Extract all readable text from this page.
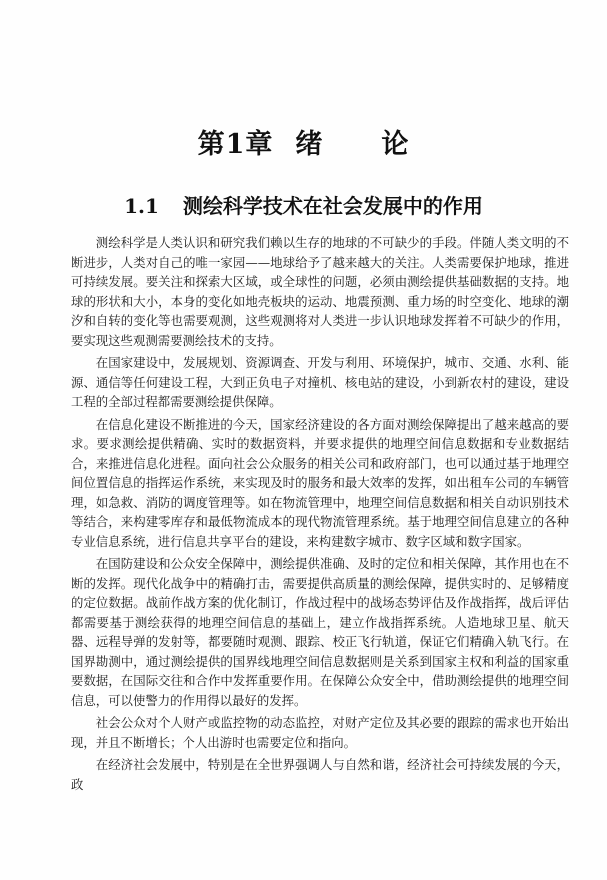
第1章 绪 论
1.1 测绘科学技术在社会发展中的作用

测绘科学是人类认识和研究我们赖以生存的地球的不可缺少的手段。伴随人类文明的不断进步，人类对自己的唯一家园——地球给予了越来越大的关注。人类需要保护地球，推进可持续发展。要关注和探索大区域，或全球性的问题，必须由测绘提供基础数据的支持。地球的形状和大小，本身的变化如地壳板块的运动、地震预测、重力场的时空变化、地球的潮汐和自转的变化等也需要观测，这些观测将对人类进一步认识地球发挥着不可缺少的作用，要实现这些观测需要测绘技术的支持。

在国家建设中，发展规划、资源调查、开发与利用、环境保护，城市、交通、水利、能源、通信等任何建设工程，大到正负电子对撞机、核电站的建设，小到新农村的建设，建设工程的全部过程都需要测绘提供保障。

在信息化建设不断推进的今天，国家经济建设的各方面对测绘保障提出了越来越高的要求。要求测绘提供精确、实时的数据资料，并要求提供的地理空间信息数据和专业数据结合，来推进信息化进程。面向社会公众服务的相关公司和政府部门，也可以通过基于地理空间位置信息的指挥运作系统，来实现及时的服务和最大效率的发挥，如出租车公司的车辆管理，如急救、消防的调度管理等。如在物流管理中，地理空间信息数据和相关自动识别技术等结合，来构建零库存和最低物流成本的现代物流管理系统。基于地理空间信息建立的各种专业信息系统，进行信息共享平台的建设，来构建数字城市、数字区域和数字国家。

在国防建设和公众安全保障中，测绘提供准确、及时的定位和相关保障，其作用也在不断的发挥。现代化战争中的精确打击，需要提供高质量的测绘保障，提供实时的、足够精度的定位数据。战前作战方案的优化制订，作战过程中的战场态势评估及作战指挥，战后评估都需要基于测绘获得的地理空间信息的基础上，建立作战指挥系统。人造地球卫星、航天器、远程导弹的发射等，都要随时观测、跟踪、校正飞行轨道，保证它们精确入轨飞行。在国界勘测中，通过测绘提供的国界线地理空间信息数据则是关系到国家主权和利益的国家重要数据，在国际交往和合作中发挥重要作用。在保障公众安全中，借助测绘提供的地理空间信息，可以使警力的作用得以最好的发挥。

社会公众对个人财产或监控物的动态监控，对财产定位及其必要的跟踪的需求也开始出现，并且不断增长；个人出游时也需要定位和指向。

在经济社会发展中，特别是在全世界强调人与自然和谐，经济社会可持续发展的今天，政
